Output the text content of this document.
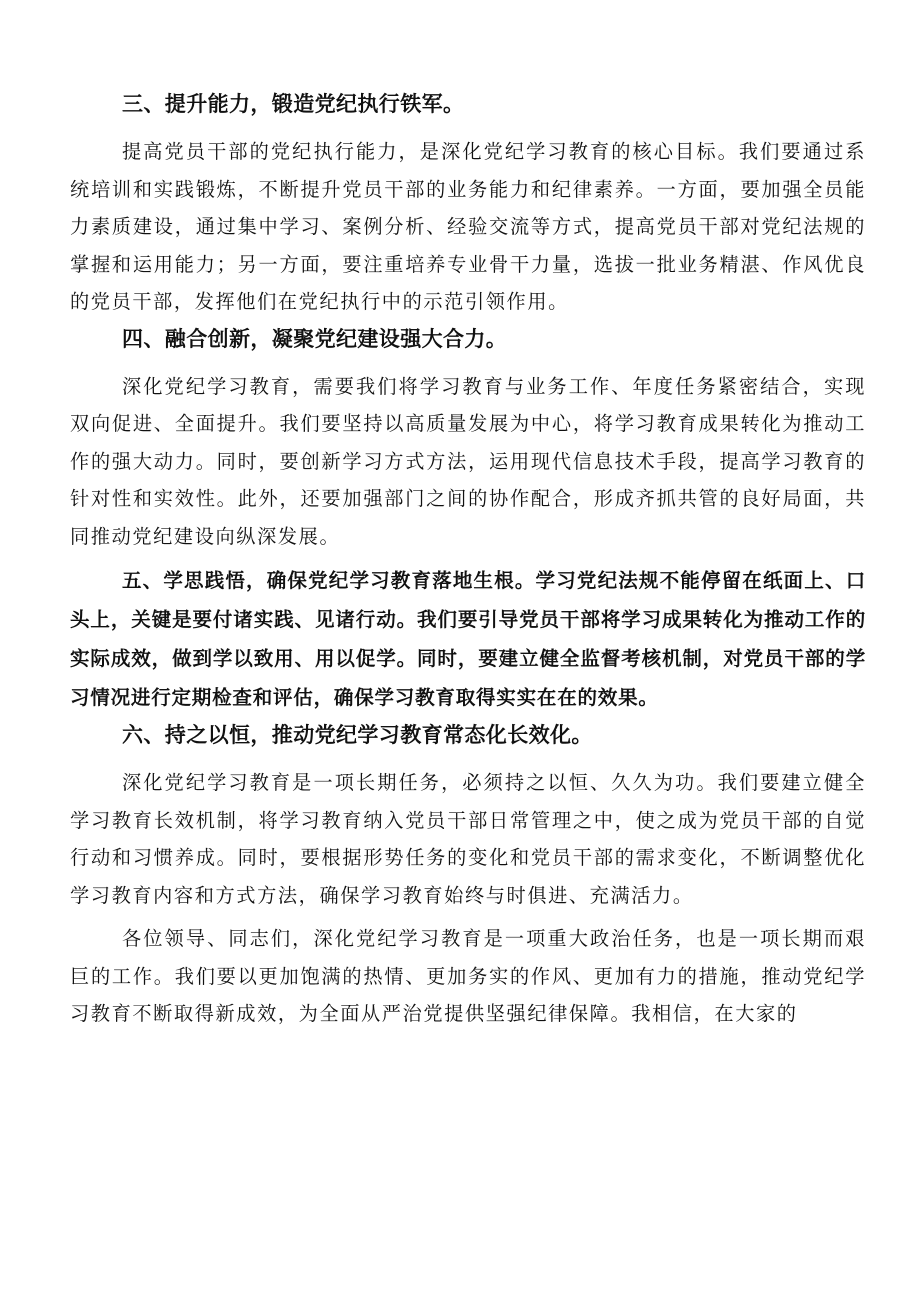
三、提升能力，锻造党纪执行铁军。

提高党员干部的党纪执行能力，是深化党纪学习教育的核心目标。我们要通过系统培训和实践锻炼，不断提升党员干部的业务能力和纪律素养。一方面，要加强全员能力素质建设，通过集中学习、案例分析、经验交流等方式，提高党员干部对党纪法规的掌握和运用能力；另一方面，要注重培养专业骨干力量，选拔一批业务精湛、作风优良的党员干部，发挥他们在党纪执行中的示范引领作用。

四、融合创新，凝聚党纪建设强大合力。

深化党纪学习教育，需要我们将学习教育与业务工作、年度任务紧密结合，实现双向促进、全面提升。我们要坚持以高质量发展为中心，将学习教育成果转化为推动工作的强大动力。同时，要创新学习方式方法，运用现代信息技术手段，提高学习教育的针对性和实效性。此外，还要加强部门之间的协作配合，形成齐抓共管的良好局面，共同推动党纪建设向纵深发展。

五、学思践悟，确保党纪学习教育落地生根。学习党纪法规不能停留在纸面上、口头上，关键是要付诸实践、见诸行动。我们要引导党员干部将学习成果转化为推动工作的实际成效，做到学以致用、用以促学。同时，要建立健全监督考核机制，对党员干部的学习情况进行定期检查和评估，确保学习教育取得实实在在的效果。

六、持之以恒，推动党纪学习教育常态化长效化。

深化党纪学习教育是一项长期任务，必须持之以恒、久久为功。我们要建立健全学习教育长效机制，将学习教育纳入党员干部日常管理之中，使之成为党员干部的自觉行动和习惯养成。同时，要根据形势任务的变化和党员干部的需求变化，不断调整优化学习教育内容和方式方法，确保学习教育始终与时俱进、充满活力。

各位领导、同志们，深化党纪学习教育是一项重大政治任务，也是一项长期而艰巨的工作。我们要以更加饱满的热情、更加务实的作风、更加有力的措施，推动党纪学习教育不断取得新成效，为全面从严治党提供坚强纪律保障。我相信，在大家的
